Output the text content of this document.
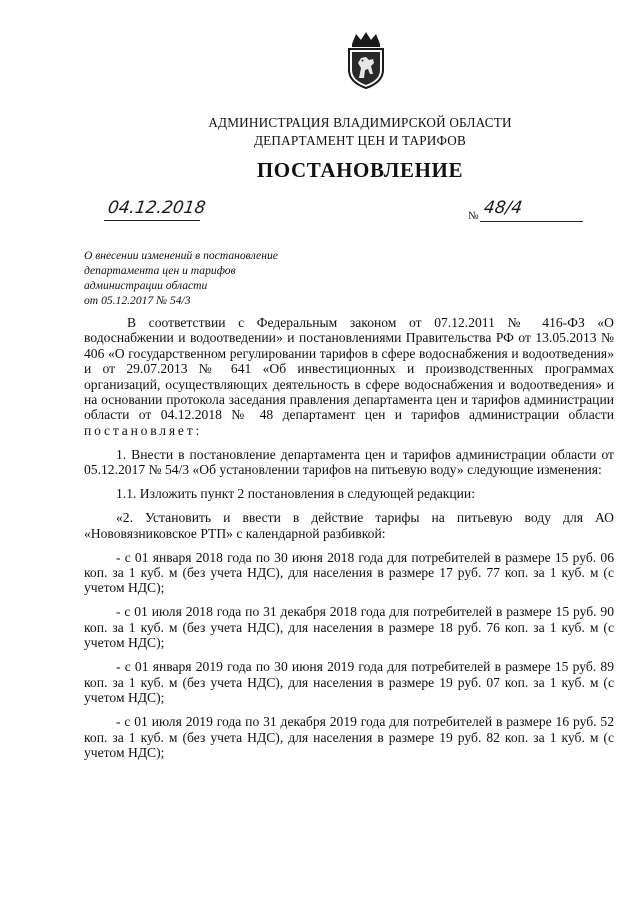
АДМИНИСТРАЦИЯ ВЛАДИМИРСКОЙ ОБЛАСТИ
ДЕПАРТАМЕНТ ЦЕН И ТАРИФОВ
ПОСТАНОВЛЕНИЕ
04.12.2018	№ 48/4
О внесении изменений в постановление
департамента цен и тарифов
администрации области
от 05.12.2017 № 54/3

В соответствии с Федеральным законом от 07.12.2011 № 416-ФЗ «О водоснабжении и водоотведении» и постановлениями Правительства РФ от 13.05.2013 № 406 «О государственном регулировании тарифов в сфере водоснабжения и водоотведения» и от 29.07.2013 № 641 «Об инвестиционных и производственных программах организаций, осуществляющих деятельность в сфере водоснабжения и водоотведения» и на основании протокола заседания правления департамента цен и тарифов администрации области от 04.12.2018 № 48 департамент цен и тарифов администрации области постановляет:

1. Внести в постановление департамента цен и тарифов администрации области от 05.12.2017 № 54/3 «Об установлении тарифов на питьевую воду» следующие изменения:

1.1. Изложить пункт 2 постановления в следующей редакции:

«2. Установить и ввести в действие тарифы на питьевую воду для АО «Нововязниковское РТП» с календарной разбивкой:

- с 01 января 2018 года по 30 июня 2018 года для потребителей в размере 15 руб. 06 коп. за 1 куб. м (без учета НДС), для населения в размере 17 руб. 77 коп. за 1 куб. м (с учетом НДС);

- с 01 июля 2018 года по 31 декабря 2018 года для потребителей в размере 15 руб. 90 коп. за 1 куб. м (без учета НДС), для населения в размере 18 руб. 76 коп. за 1 куб. м (с учетом НДС);

- с 01 января 2019 года по 30 июня 2019 года для потребителей в размере 15 руб. 89 коп. за 1 куб. м (без учета НДС), для населения в размере 19 руб. 07 коп. за 1 куб. м (с учетом НДС);

- с 01 июля 2019 года по 31 декабря 2019 года для потребителей в размере 16 руб. 52 коп. за 1 куб. м (без учета НДС), для населения в размере 19 руб. 82 коп. за 1 куб. м (с учетом НДС);
